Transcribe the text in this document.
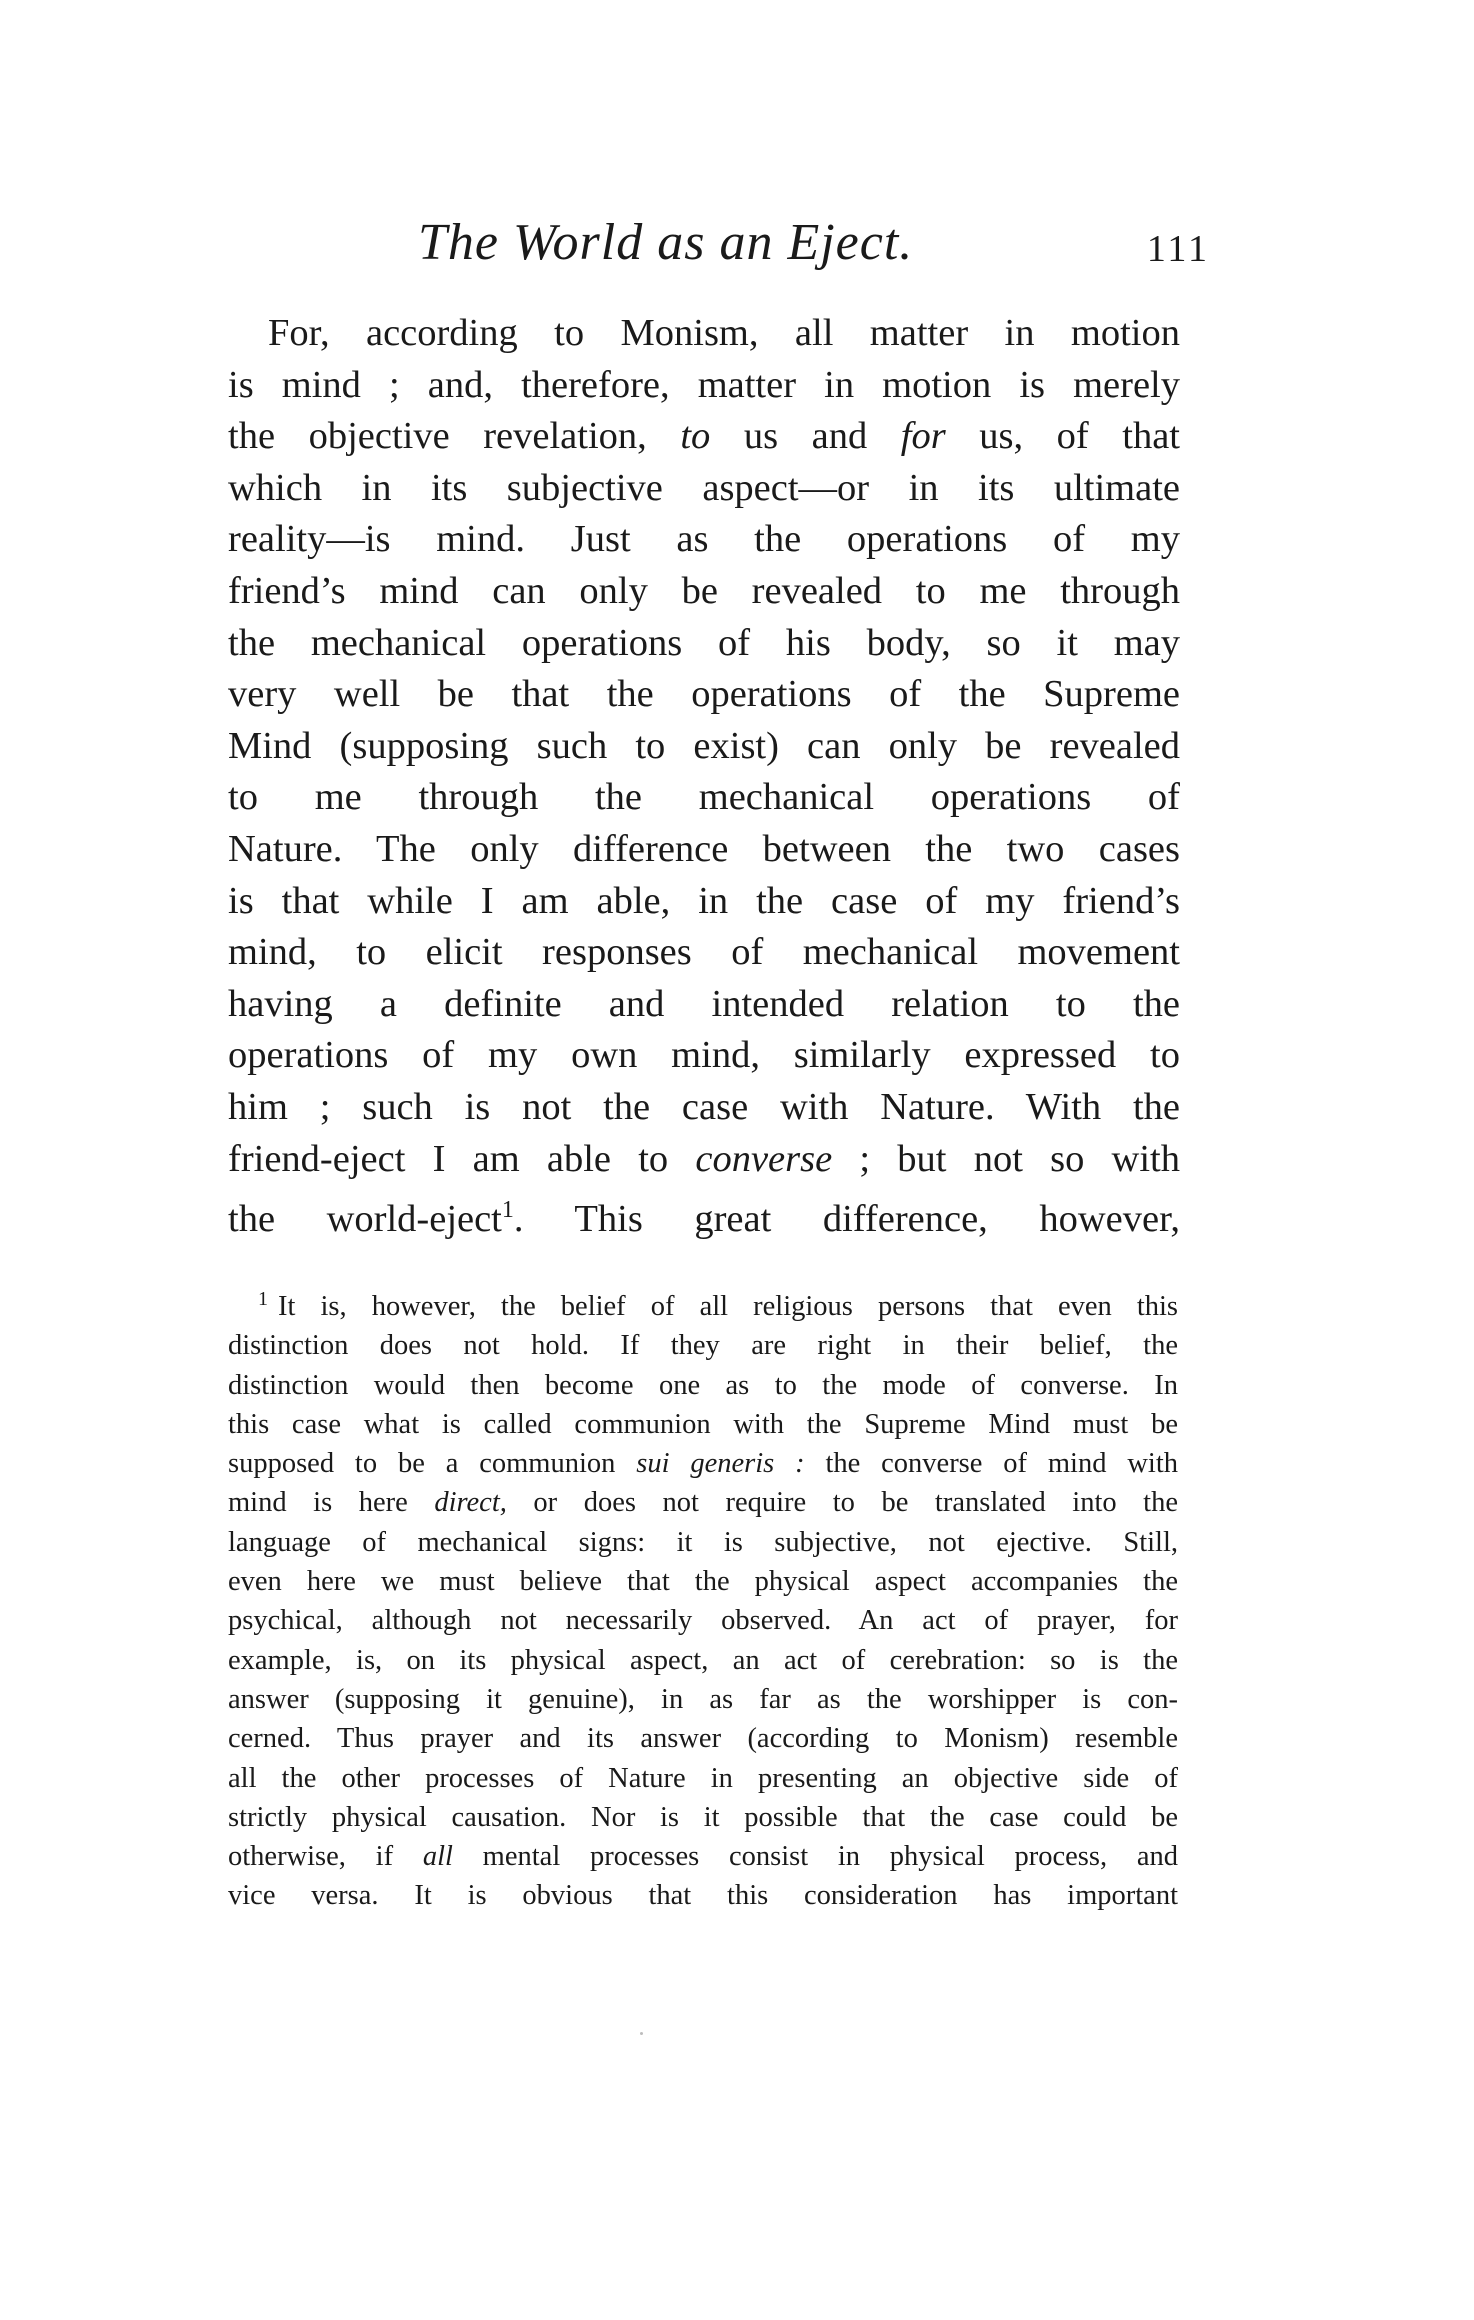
The World as an Eject.	111
For, according to Monism, all matter in motion
is mind ; and, therefore, matter in motion is merely
the objective revelation, to us and for us, of that
which in its subjective aspect—or in its ultimate
reality—is mind. Just as the operations of my
friend’s mind can only be revealed to me through
the mechanical operations of his body, so it may
very well be that the operations of the Supreme
Mind (supposing such to exist) can only be revealed
to me through the mechanical operations of
Nature. The only difference between the two cases
is that while I am able, in the case of my friend’s
mind, to elicit responses of mechanical movement
having a definite and intended relation to the
operations of my own mind, similarly expressed to
him ; such is not the case with Nature. With the
friend-eject I am able to converse ; but not so with
the world-eject$^1$. This great difference, however,
$^1$ It is, however, the belief of all religious persons that even this
distinction does not hold. If they are right in their belief, the
distinction would then become one as to the mode of converse. In
this case what is called communion with the Supreme Mind must be
supposed to be a communion sui generis : the converse of mind with
mind is here direct, or does not require to be translated into the
language of mechanical signs: it is subjective, not ejective. Still,
even here we must believe that the physical aspect accompanies the
psychical, although not necessarily observed. An act of prayer, for
example, is, on its physical aspect, an act of cerebration: so is the
answer (supposing it genuine), in as far as the worshipper is con-
cerned. Thus prayer and its answer (according to Monism) resemble
all the other processes of Nature in presenting an objective side of
strictly physical causation. Nor is it possible that the case could be
otherwise, if all mental processes consist in physical process, and
vice versa. It is obvious that this consideration has important
